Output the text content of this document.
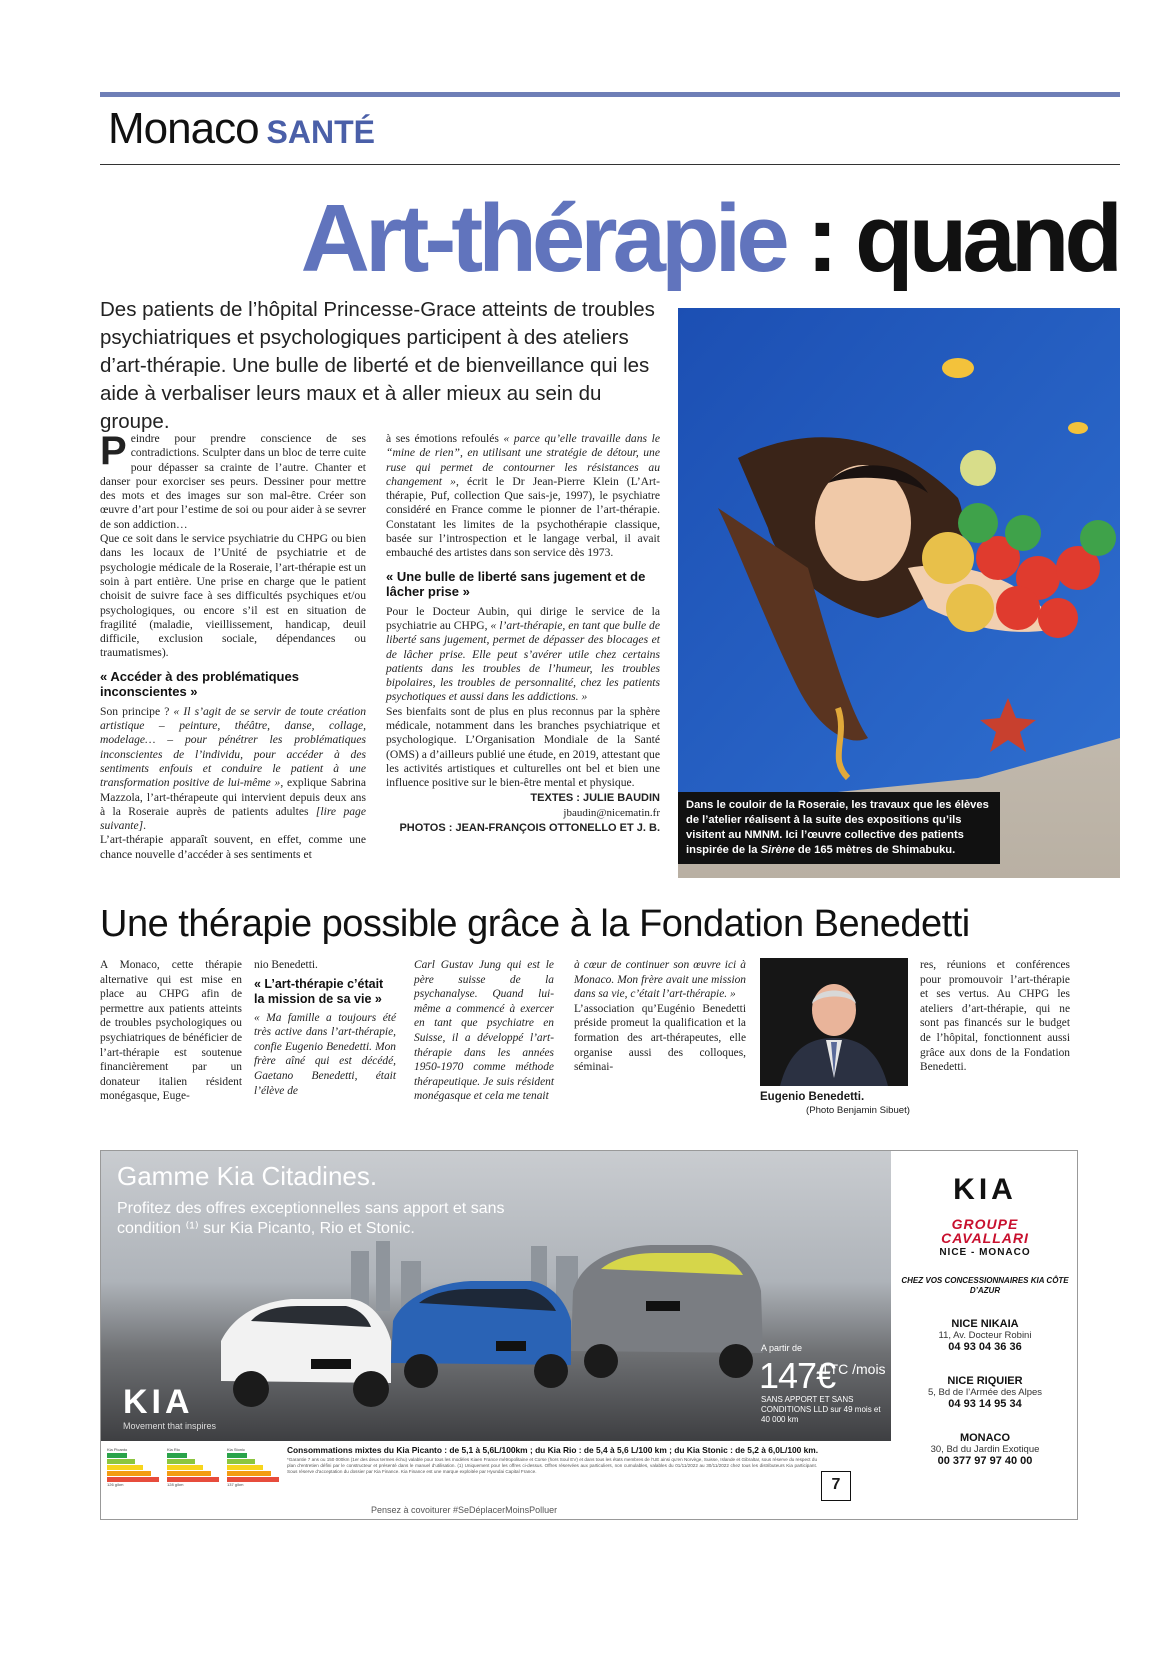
Monaco SANTÉ
Art-thérapie : quand
Des patients de l’hôpital Princesse-Grace atteints de troubles psychiatriques et psychologiques participent à des ateliers d’art-thérapie. Une bulle de liberté et de bienveillance qui les aide à verbaliser leurs maux et à aller mieux au sein du groupe.

Peindre pour prendre conscience de ses contradictions. Sculpter dans un bloc de terre cuite pour dépasser sa crainte de l’autre. Chanter et danser pour exorciser ses peurs. Dessiner pour mettre des mots et des images sur son mal-être. Créer son œuvre d’art pour l’estime de soi ou pour aider à se sevrer de son addiction…

Que ce soit dans le service psychiatrie du CHPG ou bien dans les locaux de l’Unité de psychiatrie et de psychologie médicale de la Roseraie, l’art-thérapie est un soin à part entière. Une prise en charge que le patient choisit de suivre face à ses difficultés psychiques et/ou psychologiques, ou encore s’il est en situation de fragilité (maladie, vieillissement, handicap, deuil difficile, exclusion sociale, dépendances ou traumatismes).

« Accéder à des problématiques inconscientes »

Son principe ? « Il s’agit de se servir de toute création artistique – peinture, théâtre, danse, collage, modelage… – pour pénétrer les problématiques inconscientes de l’individu, pour accéder à des sentiments enfouis et conduire le patient à une transformation positive de lui-même », explique Sabrina Mazzola, l’art-thérapeute qui intervient depuis deux ans à la Roseraie auprès de patients adultes [lire page suivante].

L’art-thérapie apparaît souvent, en effet, comme une chance nouvelle d’accéder à ses sentiments et

à ses émotions refoulés « parce qu’elle travaille dans le “mine de rien”, en utilisant une stratégie de détour, une ruse qui permet de contourner les résistances au changement », écrit le Dr Jean-Pierre Klein (L’Art-thérapie, Puf, collection Que sais-je, 1997), le psychiatre considéré en France comme le pionner de l’art-thérapie. Constatant les limites de la psychothérapie classique, basée sur l’introspection et le langage verbal, il avait embauché des artistes dans son service dès 1973.

« Une bulle de liberté sans jugement et de lâcher prise »

Pour le Docteur Aubin, qui dirige le service de la psychiatrie au CHPG, « l’art-thérapie, en tant que bulle de liberté sans jugement, permet de dépasser des blocages et de lâcher prise. Elle peut s’avérer utile chez certains patients dans les troubles de l’humeur, les troubles bipolaires, les troubles de personnalité, chez les patients psychotiques et aussi dans les addictions. »

Ses bienfaits sont de plus en plus reconnus par la sphère médicale, notamment dans les branches psychiatrique et psychologique. L’Organisation Mondiale de la Santé (OMS) a d’ailleurs publié une étude, en 2019, attestant que les activités artistiques et culturelles ont bel et bien une influence positive sur le bien-être mental et physique.

TEXTES : JULIE BAUDIN
jbaudin@nicematin.fr
PHOTOS : JEAN-FRANÇOIS OTTONELLO ET J. B.
Dans le couloir de la Roseraie, les travaux que les élèves de l’atelier réalisent à la suite des expositions qu’ils visitent au NMNM. Ici l’œuvre collective des patients inspirée de la Sirène de 165 mètres de Shimabuku.
Une thérapie possible grâce à la Fondation Benedetti

A Monaco, cette thérapie alternative qui est mise en place au CHPG afin de permettre aux patients atteints de troubles psychologiques ou psychiatriques de bénéficier de l’art-thérapie est soutenue financièrement par un donateur italien résident monégasque, Euge-

nio Benedetti.

« L’art-thérapie c’était la mission de sa vie »

« Ma famille a toujours été très active dans l’art-thérapie, confie Eugenio Benedetti. Mon frère aîné qui est décédé, Gaetano Benedetti, était l’élève de

Carl Gustav Jung qui est le père suisse de la psychanalyse. Quand lui-même a commencé à exercer en tant que psychiatre en Suisse, il a développé l’art-thérapie dans les années 1950-1970 comme méthode thérapeutique. Je suis résident monégasque et cela me tenait

à cœur de continuer son œuvre ici à Monaco. Mon frère avait une mission dans sa vie, c’était l’art-thérapie. »

L’association qu’Eugénio Benedetti préside promeut la qualification et la formation des art-thérapeutes, elle organise aussi des colloques, séminai-

res, réunions et conférences pour promouvoir l’art-thérapie et ses vertus. Au CHPG les ateliers d’art-thérapie, qui ne sont pas financés sur le budget de l’hôpital, fonctionnent aussi grâce aux dons de la Fondation Benedetti.

Eugenio Benedetti.
(Photo Benjamin Sibuet)
KIA
Gamme Kia Citadines.
Profitez des offres exceptionnelles sans apport et sans condition ⁽¹⁾ sur Kia Picanto, Rio et Stonic.
A partir de
147€
TTC /mois
SANS APPORT ET SANS CONDITIONS LLD sur 49 mois et 40 000 km
Movement that inspires
Kia Picanto
126 g/km
Kia Rio
128 g/km
Kia Stonic
137 g/km
Consommations mixtes du Kia Picanto : de 5,1 à 5,6L/100km ; du Kia Rio : de 5,4 à 5,6 L/100 km ; du Kia Stonic : de 5,2 à 6,0L/100 km.
*Garantie 7 ans ou 150 000km (1er des deux termes échu) valable pour tous les modèles Kiaen France métropolitaine et Corse (hors Soul EV) et dans tous les états membres de l’UE ainsi qu’en Norvège, Suisse, Islande et Gibraltar, sous réserve du respect du plan d’entretien défini par le constructeur et présenté dans le manuel d’utilisation. (1) Uniquement pour les offres ci-dessus. Offres réservées aux particuliers, non cumulables, valables du 01/11/2022 au 30/11/2022 chez tous les distributeurs Kia participant. Sous réserve d’acceptation du dossier par Kia Finance. Kia Finance est une marque exploitée par Hyundai Capital France.
7
Pensez à covoiturer #SeDéplacerMoinsPolluer
KIA
GROUPE
CAVALLARI
NICE - MONACO
CHEZ VOS CONCESSIONNAIRES KIA CÔTE D’AZUR
NICE NIKAIA
11, Av. Docteur Robini
04 93 04 36 36
NICE RIQUIER
5, Bd de l’Armée des Alpes
04 93 14 95 34
MONACO
30, Bd du Jardin Exotique
00 377 97 97 40 00
